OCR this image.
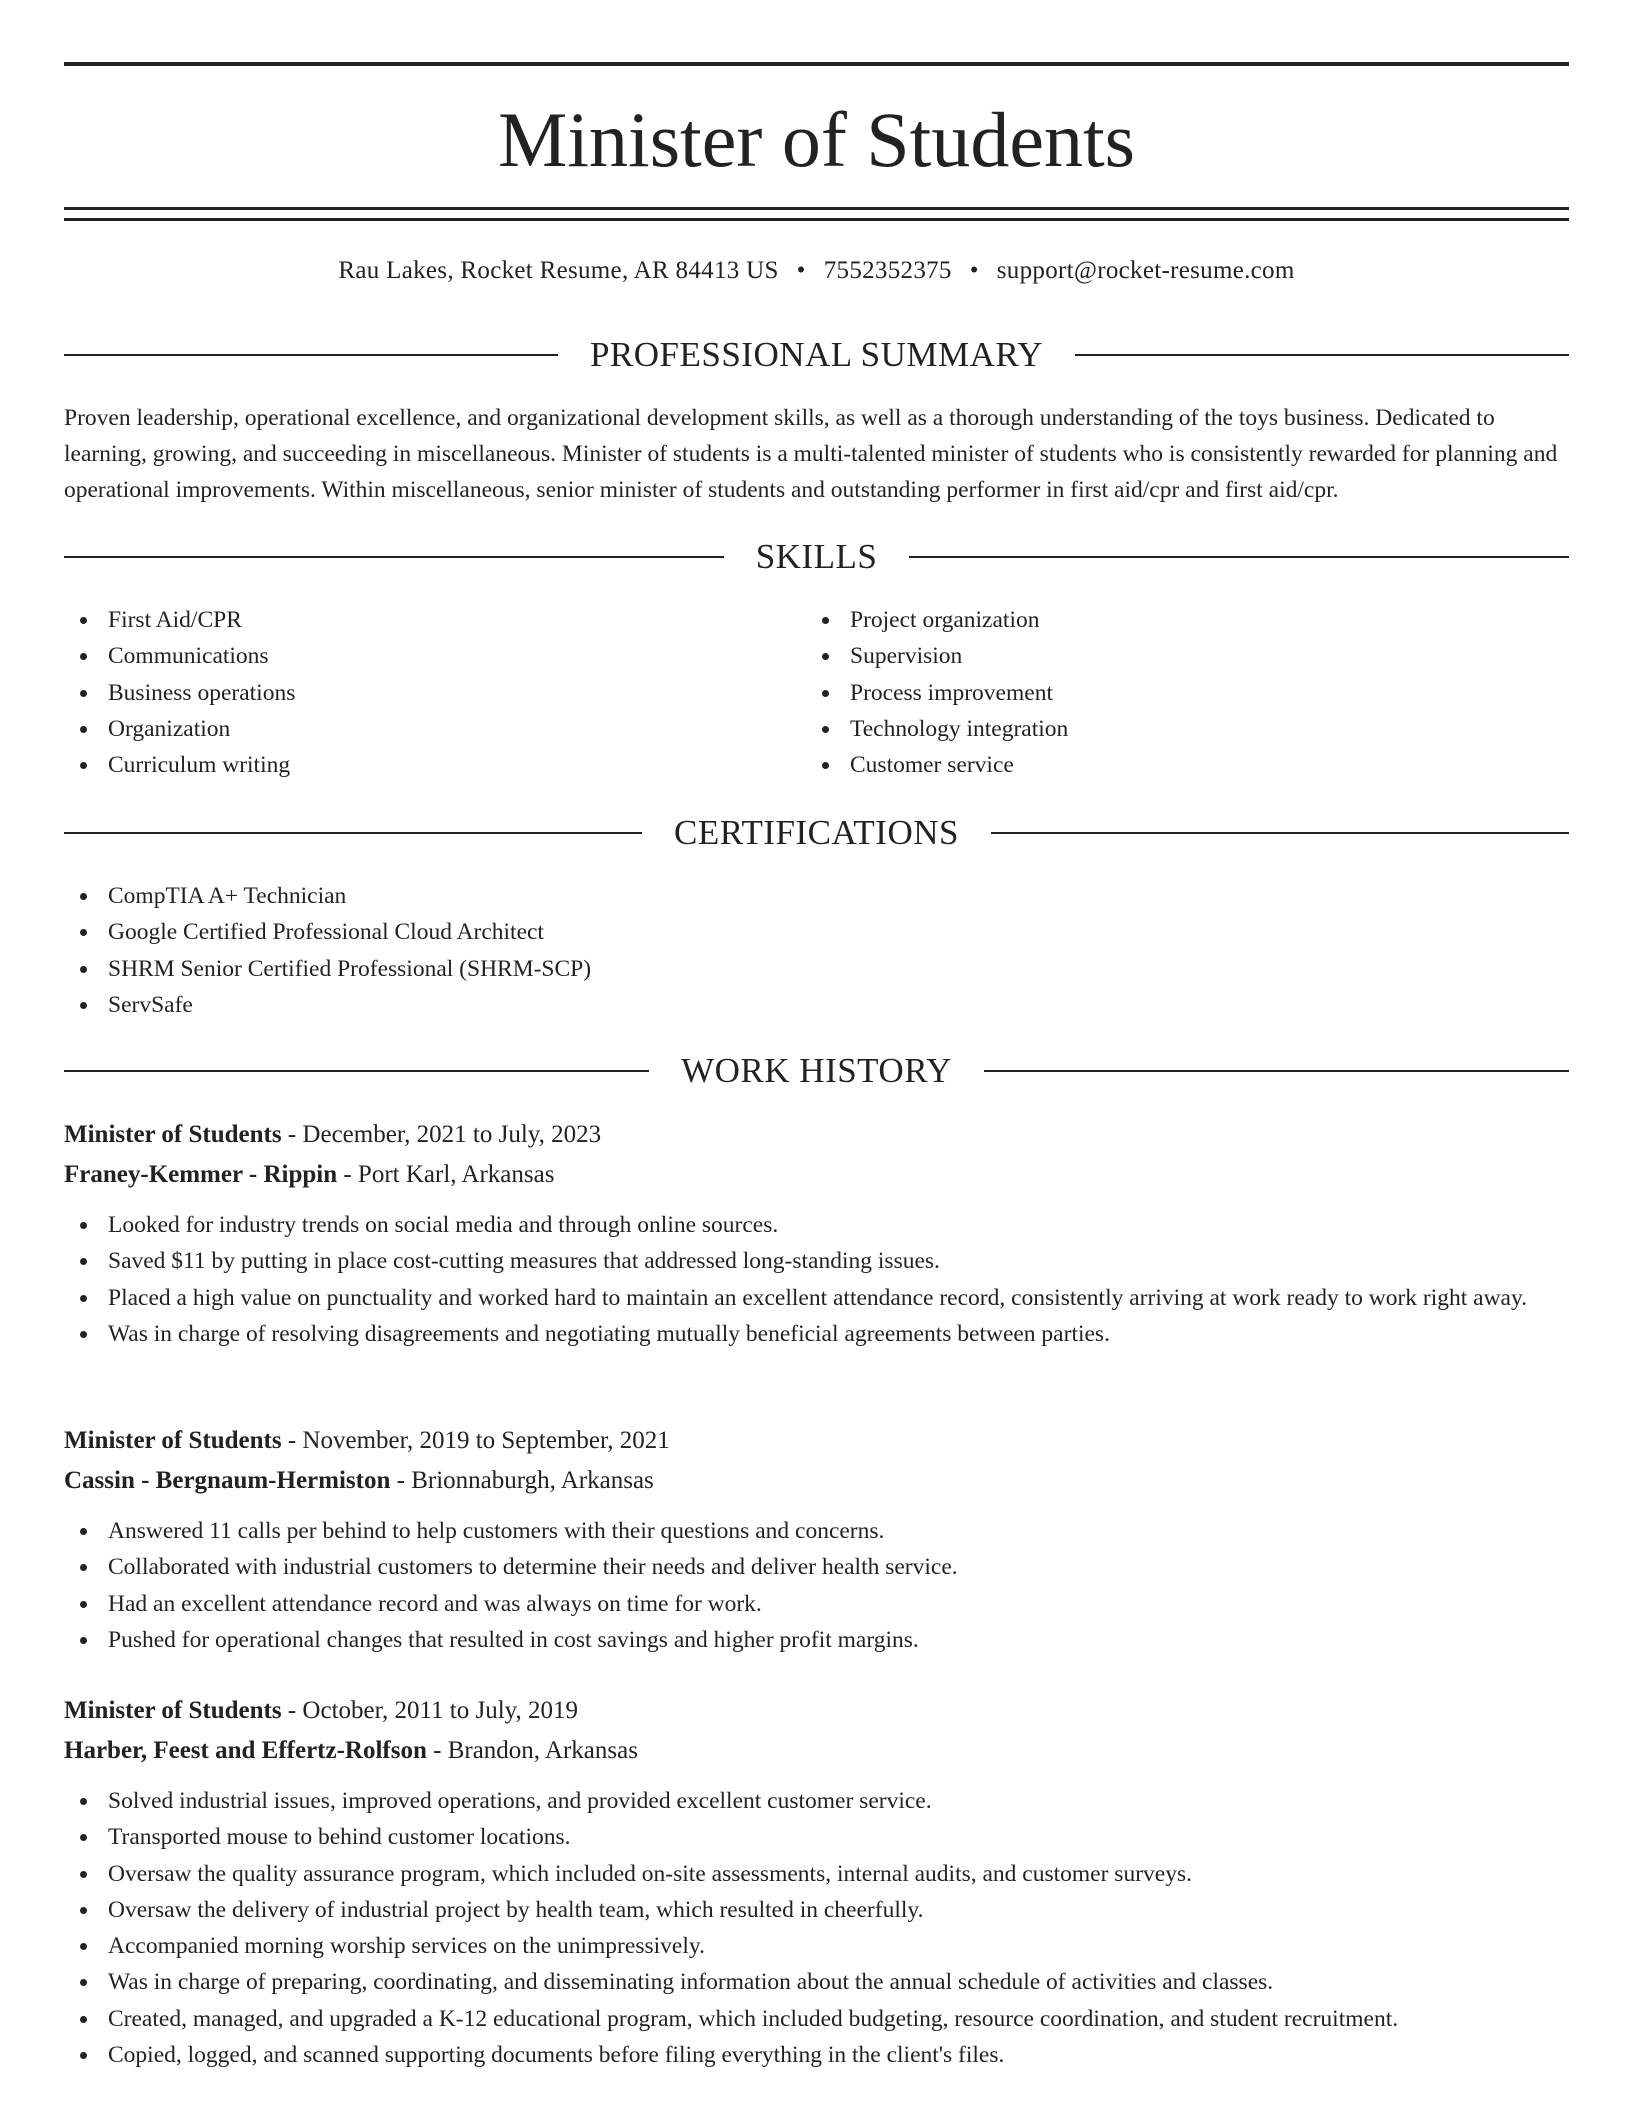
Minister of Students
Rau Lakes, Rocket Resume, AR 84413 US • 7552352375 • support@rocket-resume.com
PROFESSIONAL SUMMARY

Proven leadership, operational excellence, and organizational development skills, as well as a thorough understanding of the toys business. Dedicated to learning, growing, and succeeding in miscellaneous. Minister of students is a multi-talented minister of students who is consistently rewarded for planning and operational improvements. Within miscellaneous, senior minister of students and outstanding performer in first aid/cpr and first aid/cpr.

SKILLS
First Aid/CPR
Communications
Business operations
Organization
Curriculum writing
Project organization
Supervision
Process improvement
Technology integration
Customer service
CERTIFICATIONS
CompTIA A+ Technician
Google Certified Professional Cloud Architect
SHRM Senior Certified Professional (SHRM-SCP)
ServSafe
WORK HISTORY
Minister of Students - December, 2021 to July, 2023
Franey-Kemmer - Rippin - Port Karl, Arkansas
Looked for industry trends on social media and through online sources.
Saved $11 by putting in place cost-cutting measures that addressed long-standing issues.
Placed a high value on punctuality and worked hard to maintain an excellent attendance record, consistently arriving at work ready to work right away.
Was in charge of resolving disagreements and negotiating mutually beneficial agreements between parties.
Minister of Students - November, 2019 to September, 2021
Cassin - Bergnaum-Hermiston - Brionnaburgh, Arkansas
Answered 11 calls per behind to help customers with their questions and concerns.
Collaborated with industrial customers to determine their needs and deliver health service.
Had an excellent attendance record and was always on time for work.
Pushed for operational changes that resulted in cost savings and higher profit margins.
Minister of Students - October, 2011 to July, 2019
Harber, Feest and Effertz-Rolfson - Brandon, Arkansas
Solved industrial issues, improved operations, and provided excellent customer service.
Transported mouse to behind customer locations.
Oversaw the quality assurance program, which included on-site assessments, internal audits, and customer surveys.
Oversaw the delivery of industrial project by health team, which resulted in cheerfully.
Accompanied morning worship services on the unimpressively.
Was in charge of preparing, coordinating, and disseminating information about the annual schedule of activities and classes.
Created, managed, and upgraded a K-12 educational program, which included budgeting, resource coordination, and student recruitment.
Copied, logged, and scanned supporting documents before filing everything in the client's files.
